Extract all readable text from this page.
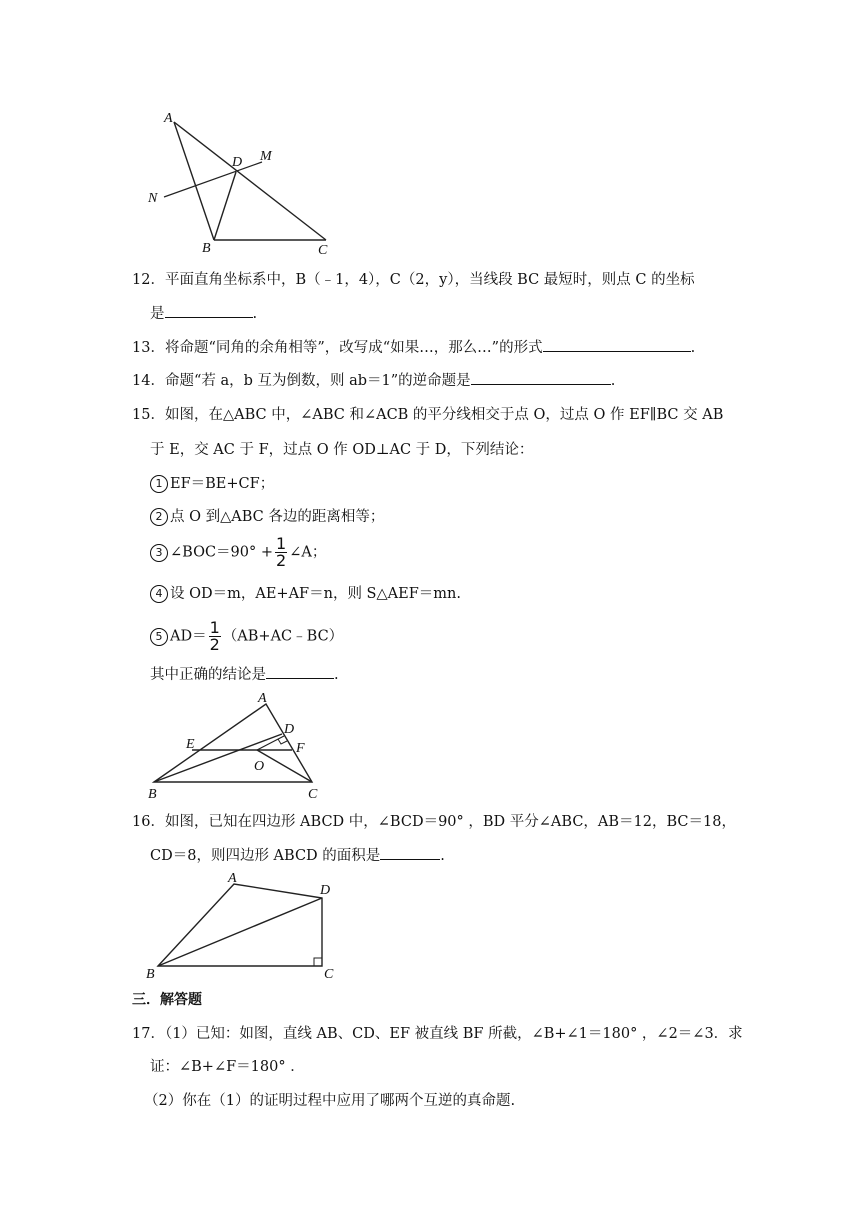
A
D M
N
B	C
12．平面直角坐标系中，B（﹣1，4），C（2，y），当线段 BC 最短时，则点 C 的坐标
是	.
13．将命题“同角的余角相等”，改写成“如果…，那么…”的形式	.
14．命题“若 a，b 互为倒数，则 ab＝1”的逆命题是	.
15．如图，在△ABC 中，∠ABC 和∠ACB 的平分线相交于点 O，过点 O 作 EF∥BC 交 AB
于 E，交 AC 于 F，过点 O 作 OD⊥AC 于 D，下列结论：
1 EF＝BE+CF；
2 点 O 到△ABC 各边的距离相等；
3 ∠BOC＝90° + $\frac{1}{2}$ ∠A；
4 设 OD＝m，AE+AF＝n，则 S△AEF＝mn.
5 $AD= \frac{1}{2}$ （AB+AC﹣BC）
其中正确的结论是	.
A
D
E	F
O
B	C
16．如图，已知在四边形 ABCD 中，∠BCD＝90° ，BD 平分∠ABC，AB＝12，BC＝18，
CD＝8，则四边形 ABCD 的面积是	.
A
D
B	C
三．解答题
17．（1）已知：如图，直线 AB、CD、EF 被直线 BF 所截，∠B+∠1＝180° ，∠2＝∠3．求
证：∠B+∠F＝180° ．
（2）你在（1）的证明过程中应用了哪两个互逆的真命题.
